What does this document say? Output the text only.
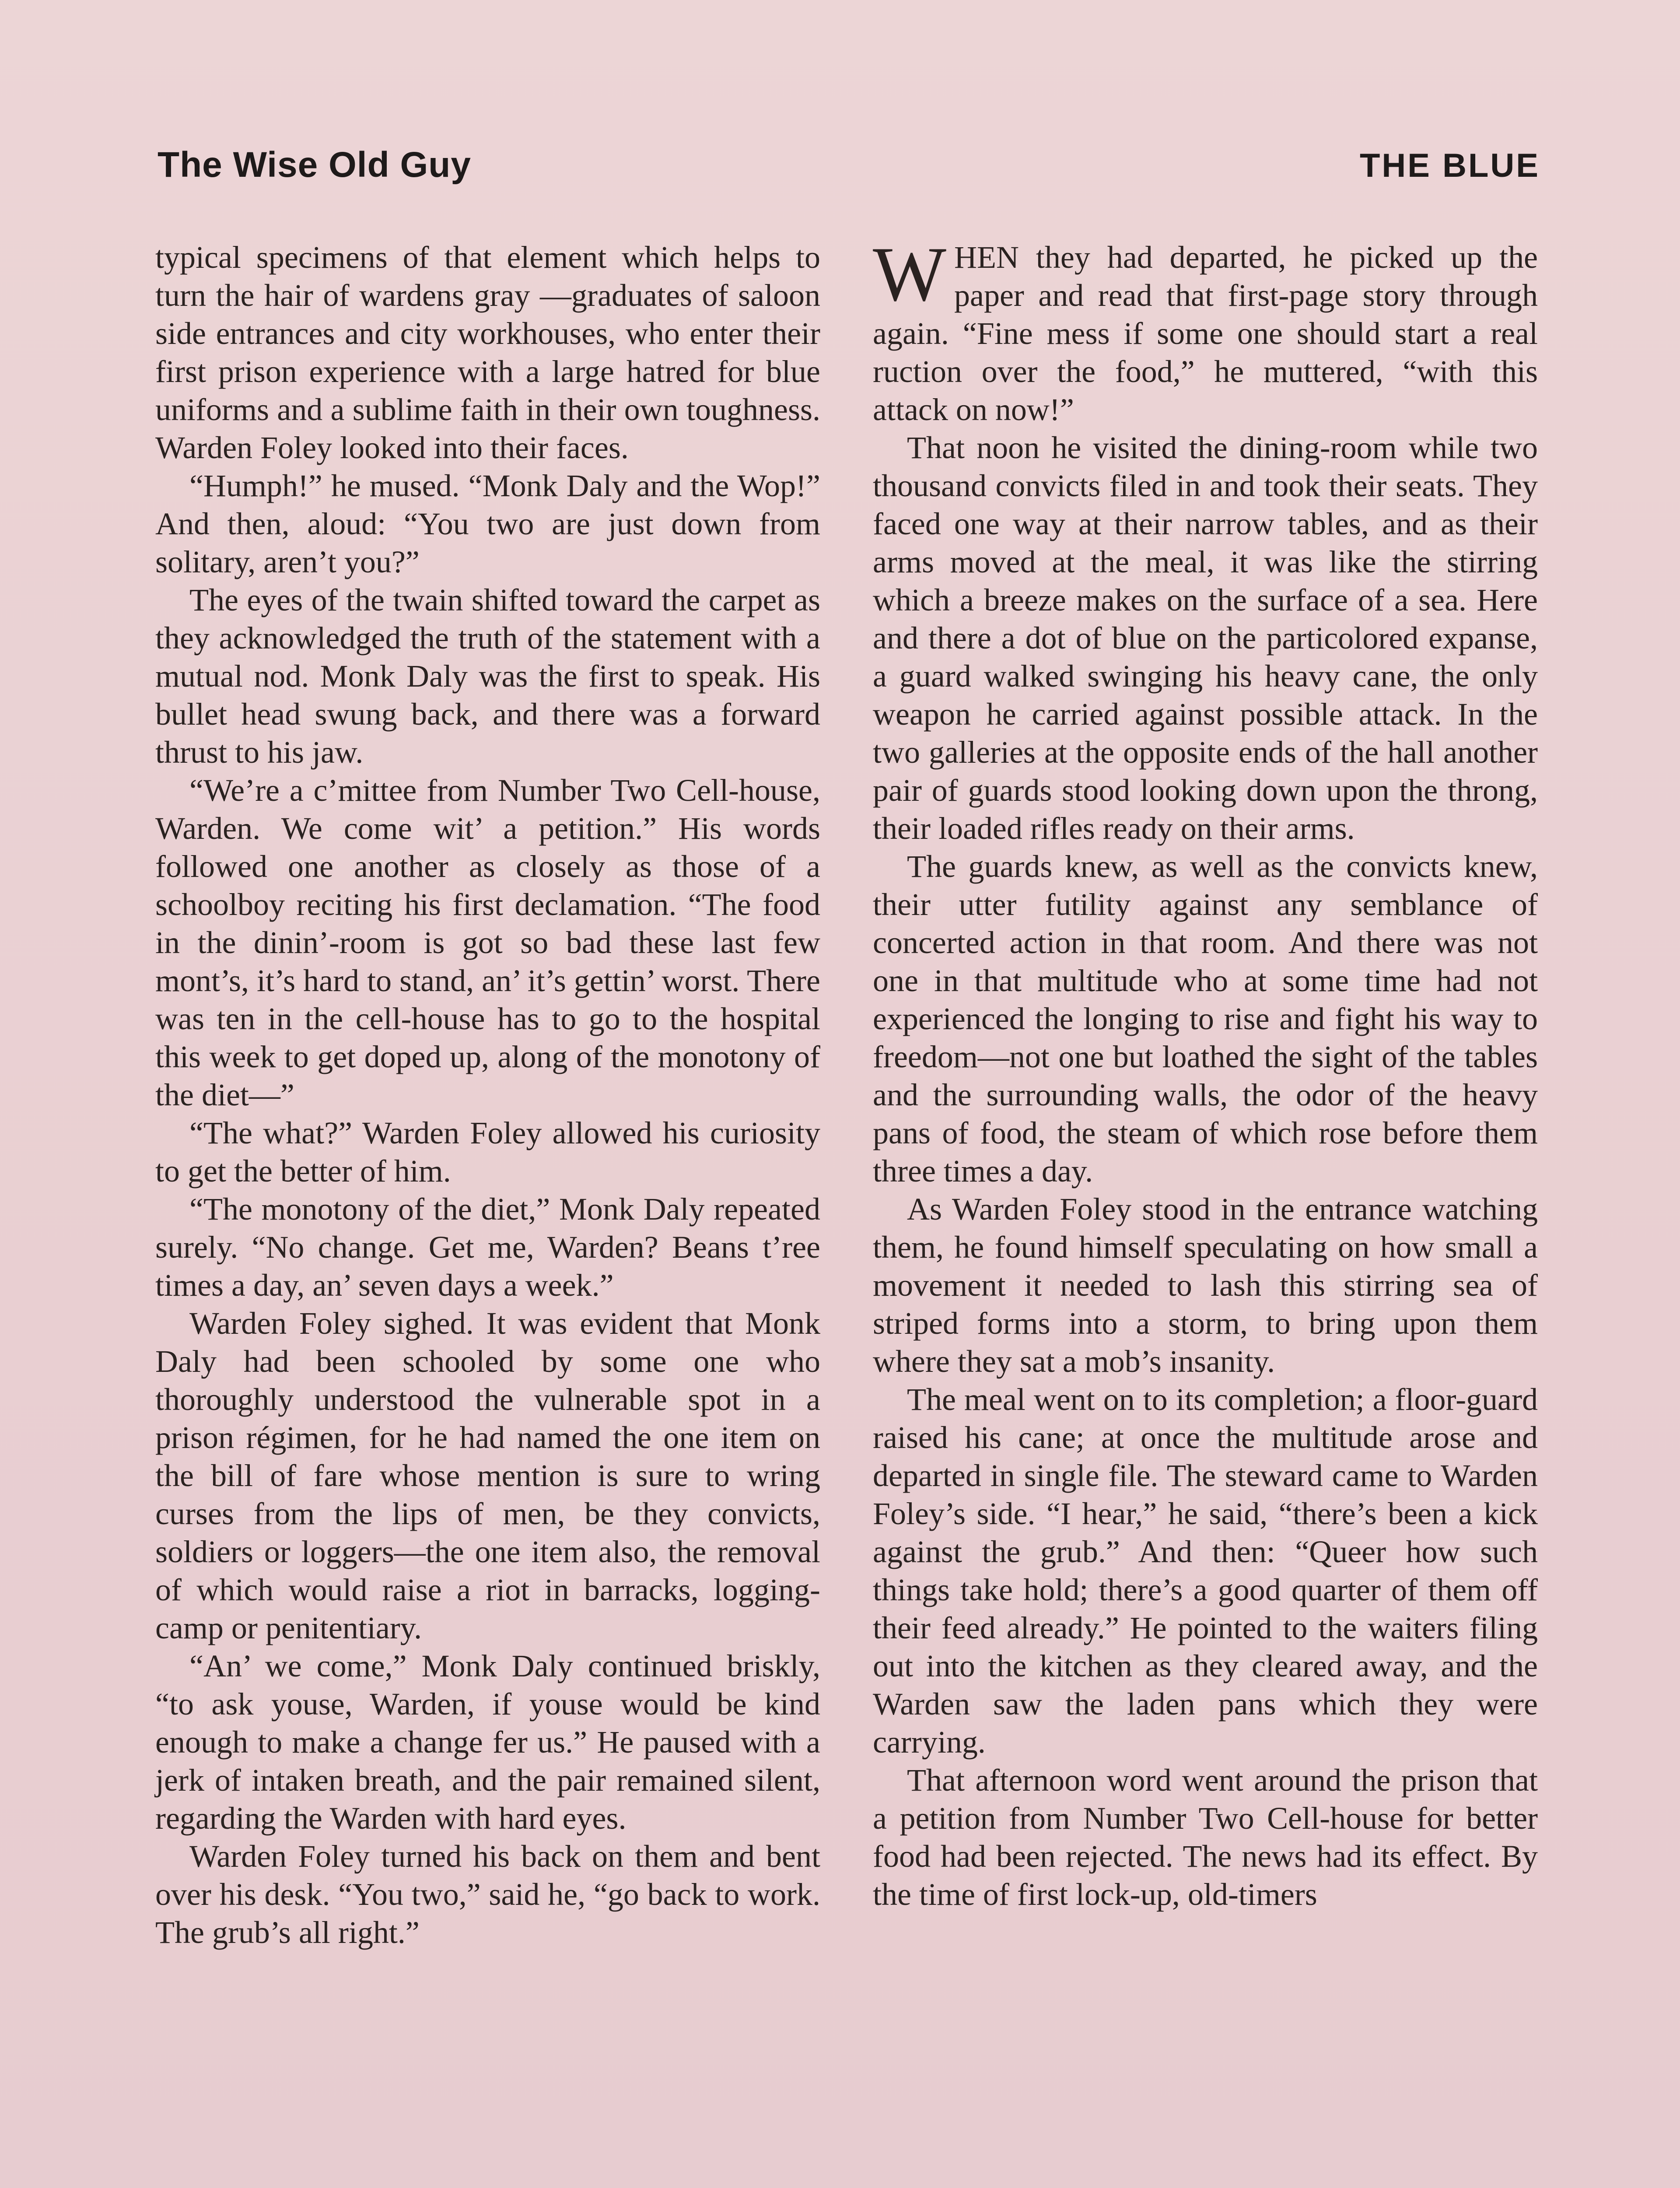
The Wise Old Guy	THE BLUE

typical specimens of that element which helps to turn the hair of wardens gray —graduates of saloon side entrances and city workhouses, who enter their first prison experience with a large hatred for blue uniforms and a sublime faith in their own toughness. Warden Foley looked into their faces.

“Humph!” he mused. “Monk Daly and the Wop!” And then, aloud: “You two are just down from solitary, aren’t you?”

The eyes of the twain shifted toward the carpet as they acknowledged the truth of the statement with a mutual nod. Monk Daly was the first to speak. His bullet head swung back, and there was a forward thrust to his jaw.

“We’re a c’mittee from Number Two Cell-house, Warden. We come wit’ a petition.” His words followed one another as closely as those of a schoolboy reciting his first declamation. “The food in the dinin’-room is got so bad these last few mont’s, it’s hard to stand, an’ it’s gettin’ worst. There was ten in the cell-house has to go to the hospital this week to get doped up, along of the monotony of the diet—”

“The what?” Warden Foley allowed his curiosity to get the better of him.

“The monotony of the diet,” Monk Daly repeated surely. “No change. Get me, Warden? Beans t’ree times a day, an’ seven days a week.”

Warden Foley sighed. It was evident that Monk Daly had been schooled by some one who thoroughly understood the vulnerable spot in a prison régimen, for he had named the one item on the bill of fare whose mention is sure to wring curses from the lips of men, be they convicts, soldiers or loggers—the one item also, the removal of which would raise a riot in barracks, logging-camp or penitentiary.

“An’ we come,” Monk Daly continued briskly, “to ask youse, Warden, if youse would be kind enough to make a change fer us.” He paused with a jerk of intaken breath, and the pair remained silent, regarding the Warden with hard eyes.

Warden Foley turned his back on them and bent over his desk. “You two,” said he, “go back to work. The grub’s all right.”

WHEN they had departed, he picked up the paper and read that first-page story through again. “Fine mess if some one should start a real ruction over the food,” he muttered, “with this attack on now!”

That noon he visited the dining-room while two thousand convicts filed in and took their seats. They faced one way at their narrow tables, and as their arms moved at the meal, it was like the stirring which a breeze makes on the surface of a sea. Here and there a dot of blue on the particolored expanse, a guard walked swinging his heavy cane, the only weapon he carried against possible attack. In the two galleries at the opposite ends of the hall another pair of guards stood looking down upon the throng, their loaded rifles ready on their arms.

The guards knew, as well as the convicts knew, their utter futility against any semblance of concerted action in that room. And there was not one in that multitude who at some time had not experienced the longing to rise and fight his way to freedom—not one but loathed the sight of the tables and the surrounding walls, the odor of the heavy pans of food, the steam of which rose before them three times a day.

As Warden Foley stood in the entrance watching them, he found himself speculating on how small a movement it needed to lash this stirring sea of striped forms into a storm, to bring upon them where they sat a mob’s insanity.

The meal went on to its completion; a floor-guard raised his cane; at once the multitude arose and departed in single file. The steward came to Warden Foley’s side. “I hear,” he said, “there’s been a kick against the grub.” And then: “Queer how such things take hold; there’s a good quarter of them off their feed already.” He pointed to the waiters filing out into the kitchen as they cleared away, and the Warden saw the laden pans which they were carrying.

That afternoon word went around the prison that a petition from Number Two Cell-house for better food had been rejected. The news had its effect. By the time of first lock-up, old-timers
